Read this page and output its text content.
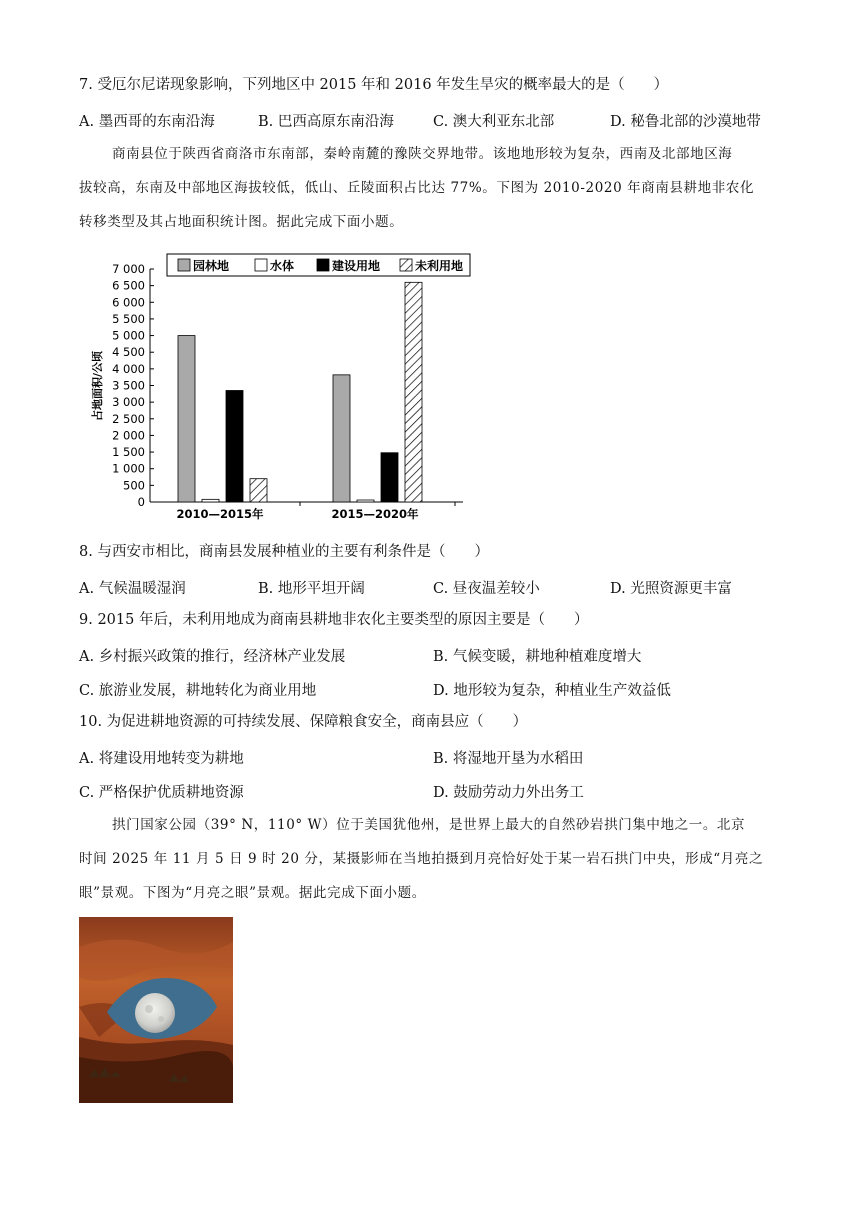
7. 受厄尔尼诺现象影响，下列地区中 2015 年和 2016 年发生旱灾的概率最大的是（　　）
A. 墨西哥的东南沿海	B. 巴西高原东南沿海	C. 澳大利亚东北部	D. 秘鲁北部的沙漠地带
商南县位于陕西省商洛市东南部，秦岭南麓的豫陕交界地带。该地地形较为复杂，西南及北部地区海
拔较高，东南及中部地区海拔较低，低山、丘陵面积占比达 77%。下图为 2010-2020 年商南县耕地非农化
转移类型及其占地面积统计图。据此完成下面小题。
0
500
1 000
1 500
2 000
2 500
3 000
3 500
4 000
4 500
5 000
5 500
6 000
6 500
7 000
占地面积/公顷
2010—2015年	2015—2020年
园林地	水体	建设用地	未利用地
8. 与西安市相比，商南县发展种植业的主要有利条件是（　　）
A. 气候温暖湿润	B. 地形平坦开阔	C. 昼夜温差较小	D. 光照资源更丰富
9. 2015 年后，未利用地成为商南县耕地非农化主要类型的原因主要是（　　）
A. 乡村振兴政策的推行，经济林产业发展	B. 气候变暖，耕地种植难度增大
C. 旅游业发展，耕地转化为商业用地	D. 地形较为复杂，种植业生产效益低
10. 为促进耕地资源的可持续发展、保障粮食安全，商南县应（　　）
A. 将建设用地转变为耕地	B. 将湿地开垦为水稻田
C. 严格保护优质耕地资源	D. 鼓励劳动力外出务工
拱门国家公园（39° N，110° W）位于美国犹他州，是世界上最大的自然砂岩拱门集中地之一。北京
时间 2025 年 11 月 5 日 9 时 20 分，某摄影师在当地拍摄到月亮恰好处于某一岩石拱门中央，形成“月亮之
眼”景观。下图为“月亮之眼”景观。据此完成下面小题。
